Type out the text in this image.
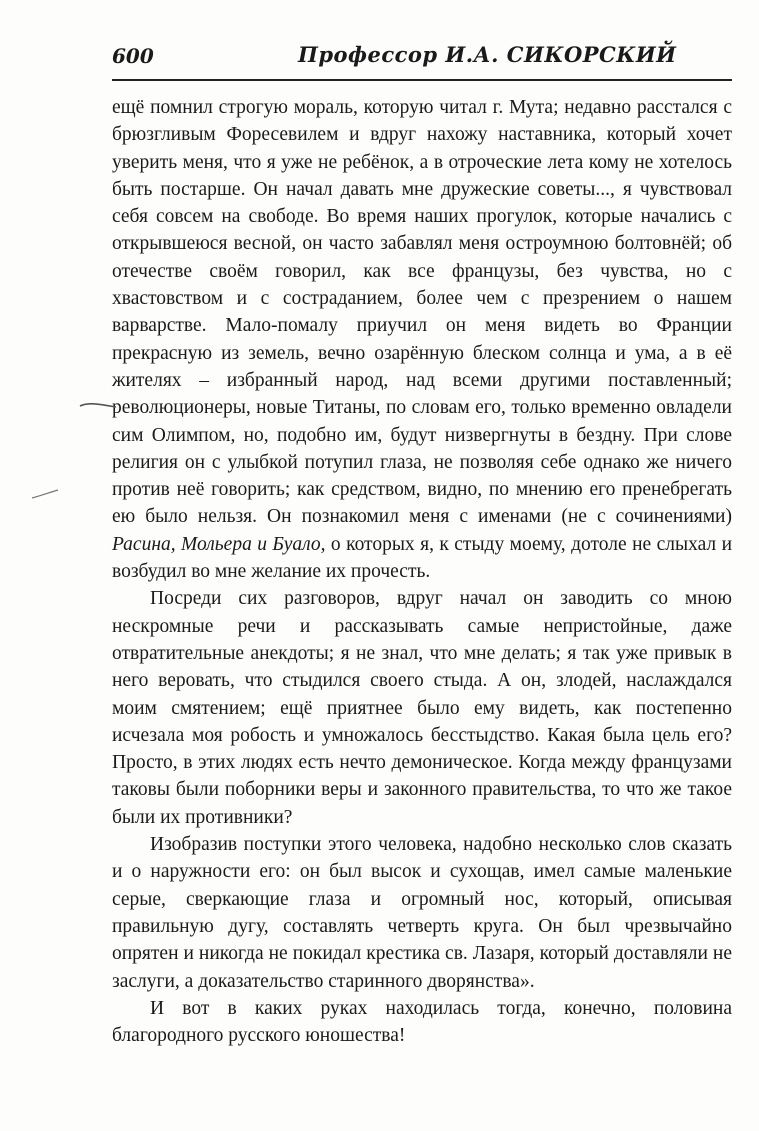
600	Профессор И.А. СИКОРСКИЙ

ещё помнил строгую мораль, которую читал г. Мута; недавно расстался с брюзгливым Форесевилем и вдруг нахожу наставника, который хочет уверить меня, что я уже не ребёнок, а в отроческие лета кому не хотелось быть постарше. Он начал давать мне дружеские советы..., я чувствовал себя совсем на свободе. Во время наших прогулок, которые начались с открывшеюся весной, он часто забавлял меня остроумною болтовнёй; об отечестве своём говорил, как все французы, без чувства, но с хвастовством и с состраданием, более чем с презрением о нашем варварстве. Мало-помалу приучил он меня видеть во Франции прекрасную из земель, вечно озарённую блеском солнца и ума, а в её жителях – избранный народ, над всеми другими поставленный; революционеры, новые Титаны, по словам его, только временно овладели сим Олимпом, но, подобно им, будут низвергнуты в бездну. При слове религия он с улыбкой потупил глаза, не позволяя себе однако же ничего против неё говорить; как средством, видно, по мнению его пренебрегать ею было нельзя. Он познакомил меня с именами (не с сочинениями) Расина, Мольера и Буало, о которых я, к стыду моему, дотоле не слыхал и возбудил во мне желание их прочесть.

Посреди сих разговоров, вдруг начал он заводить со мною нескромные речи и рассказывать самые непристойные, даже отвратительные анекдоты; я не знал, что мне делать; я так уже привык в него веровать, что стыдился своего стыда. А он, злодей, наслаждался моим смятением; ещё приятнее было ему видеть, как постепенно исчезала моя робость и умножалось бесстыдство. Какая была цель его? Просто, в этих людях есть нечто демоническое. Когда между французами таковы были поборники веры и законного правительства, то что же такое были их противники?

Изобразив поступки этого человека, надобно несколько слов сказать и о наружности его: он был высок и сухощав, имел самые маленькие серые, сверкающие глаза и огромный нос, который, описывая правильную дугу, составлять четверть круга. Он был чрезвычайно опрятен и никогда не покидал крестика св. Лазаря, который доставляли не заслуги, а доказательство старинного дворянства».

И вот в каких руках находилась тогда, конечно, половина благородного русского юношества!
